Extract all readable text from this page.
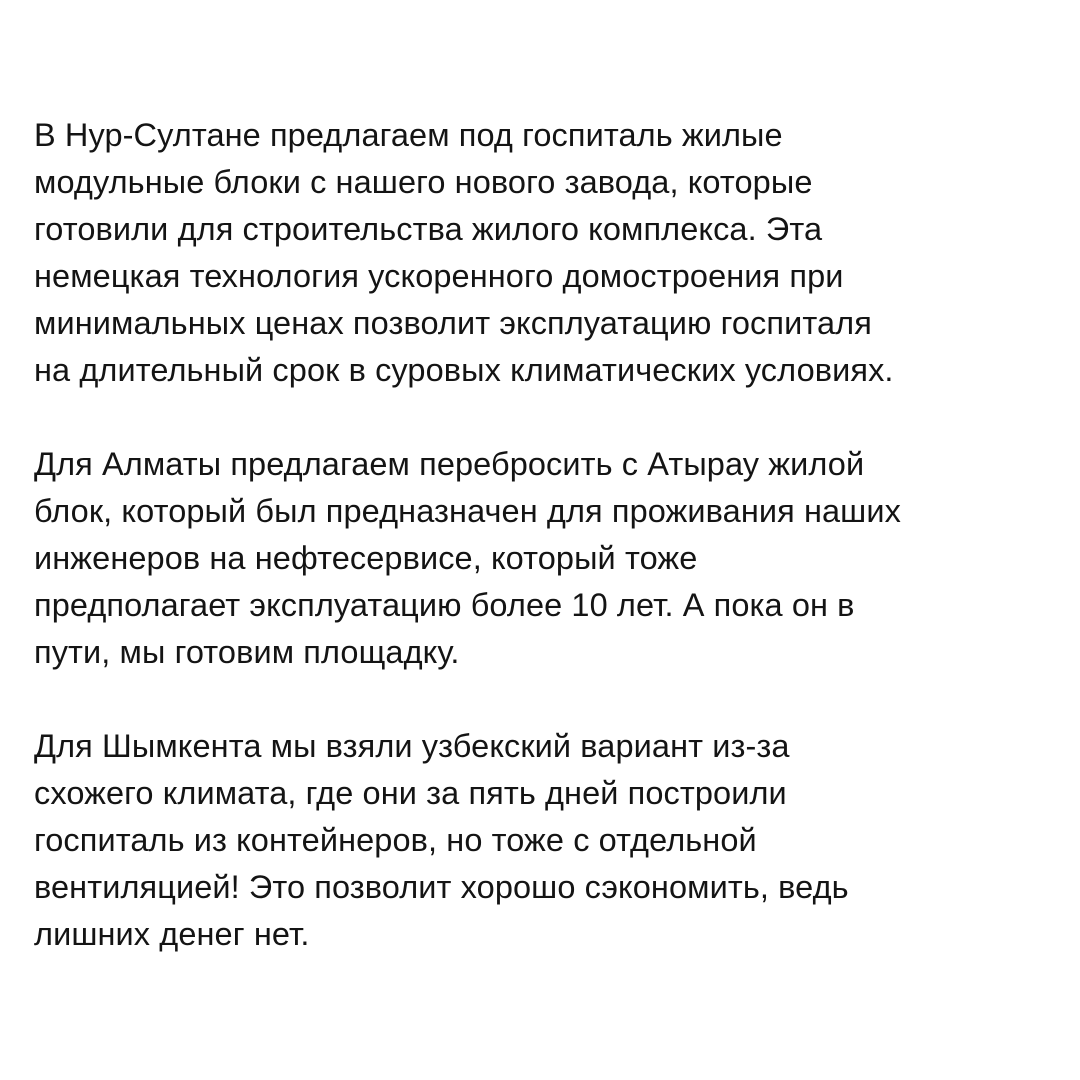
В Нур-Султане предлагаем под госпиталь жилые
модульные блоки с нашего нового завода, которые
готовили для строительства жилого комплекса. Эта
немецкая технология ускоренного домостроения при
минимальных ценах позволит эксплуатацию госпиталя
на длительный срок в суровых климатических условиях.

Для Алматы предлагаем перебросить с Атырау жилой
блок, который был предназначен для проживания наших
инженеров на нефтесервисе, который тоже
предполагает эксплуатацию более 10 лет. А пока он в
пути, мы готовим площадку.

Для Шымкента мы взяли узбекский вариант из-за
схожего климата, где они за пять дней построили
госпиталь из контейнеров, но тоже с отдельной
вентиляцией! Это позволит хорошо сэкономить, ведь
лишних денег нет.
